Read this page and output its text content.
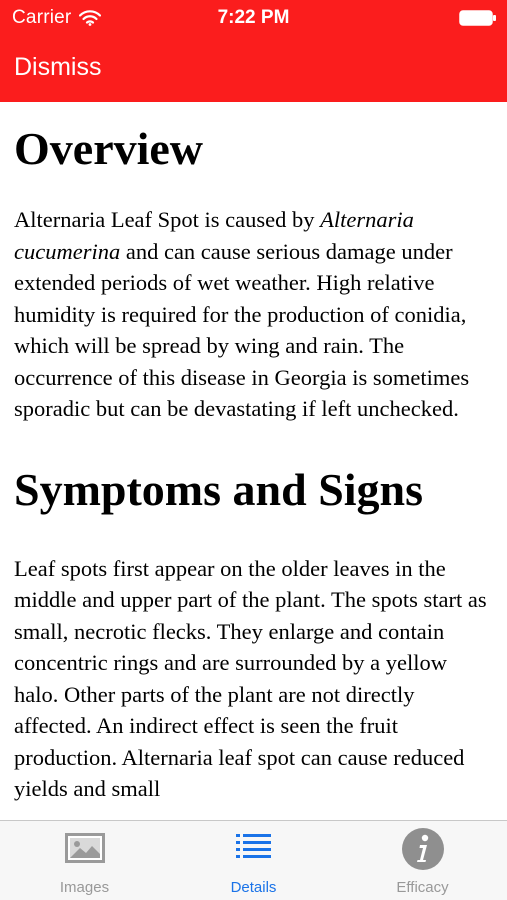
Carrier	7:22 PM
Dismiss
Overview

Alternaria Leaf Spot is caused by Alternaria cucumerina and can cause serious damage under extended periods of wet weather. High relative humidity is required for the production of conidia, which will be spread by wing and rain. The occurrence of this disease in Georgia is sometimes sporadic but can be devastating if left unchecked.

Symptoms and Signs

Leaf spots first appear on the older leaves in the middle and upper part of the plant. The spots start as small, necrotic flecks. They enlarge and contain concentric rings and are surrounded by a yellow halo. Other parts of the plant are not directly affected. An indirect effect is seen the fruit production. Alternaria leaf spot can cause reduced yields and small

Images	Details	Efficacy
